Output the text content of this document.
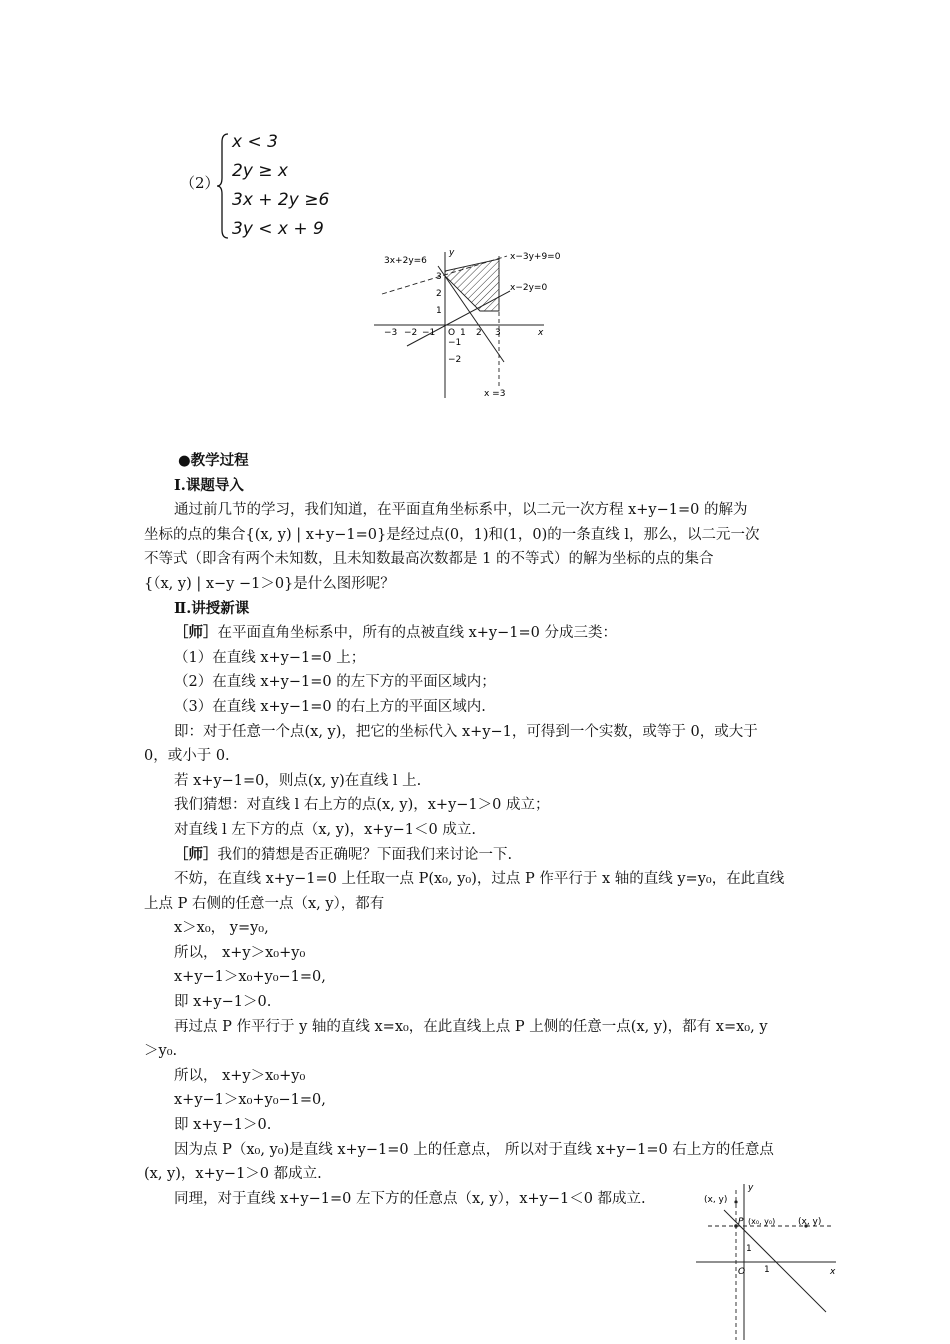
（2）
x < 3
2y ≥ x
3x + 2y ≥6
3y < x + 9
3x+2y=6	x−3y+9=0
x−2y=0
x =3
x
y
O
−3 −2 −1	1 2 3
3
2
1
−1
−2

●教学过程

Ⅰ.课题导入

通过前几节的学习，我们知道，在平面直角坐标系中，以二元一次方程 x+y−1=0 的解为

坐标的点的集合{(x, y) | x+y−1=0}是经过点(0，1)和(1，0)的一条直线 l，那么，以二元一次

不等式（即含有两个未知数，且未知数最高次数都是 1 的不等式）的解为坐标的点的集合

{（x, y) | x−y −1＞0}是什么图形呢？

Ⅱ.讲授新课

［师］在平面直角坐标系中，所有的点被直线 x+y−1=0 分成三类：

（1）在直线 x+y−1=0 上；

（2）在直线 x+y−1=0 的左下方的平面区域内；

（3）在直线 x+y−1=0 的右上方的平面区域内.

即：对于任意一个点(x, y)，把它的坐标代入 x+y−1，可得到一个实数，或等于 0，或大于

0，或小于 0.

若 x+y−1=0，则点(x, y)在直线 l 上.

我们猜想：对直线 l 右上方的点(x, y)，x+y−1＞0 成立；

对直线 l 左下方的点（x, y)，x+y−1＜0 成立.

［师］我们的猜想是否正确呢？下面我们来讨论一下.

不妨，在直线 x+y−1=0 上任取一点 P(x₀, y₀)，过点 P 作平行于 x 轴的直线 y=y₀，在此直线

上点 P 右侧的任意一点（x, y），都有

x＞x₀， y=y₀,

所以， x+y＞x₀+y₀

x+y−1＞x₀+y₀−1=0,

即 x+y−1＞0.

再过点 P 作平行于 y 轴的直线 x=x₀，在此直线上点 P 上侧的任意一点(x, y)，都有 x=x₀, y

＞y₀.

所以， x+y＞x₀+y₀

x+y−1＞x₀+y₀−1=0,

即 x+y−1＞0.

因为点 P（x₀, y₀)是直线 x+y−1=0 上的任意点， 所以对于直线 x+y−1=0 右上方的任意点

(x, y)，x+y−1＞0 都成立.

同理，对于直线 x+y−1=0 左下方的任意点（x, y），x+y−1＜0 都成立.	(x, y)
P (x₀, y₀)	(x, y)
x
y
O 1
1
